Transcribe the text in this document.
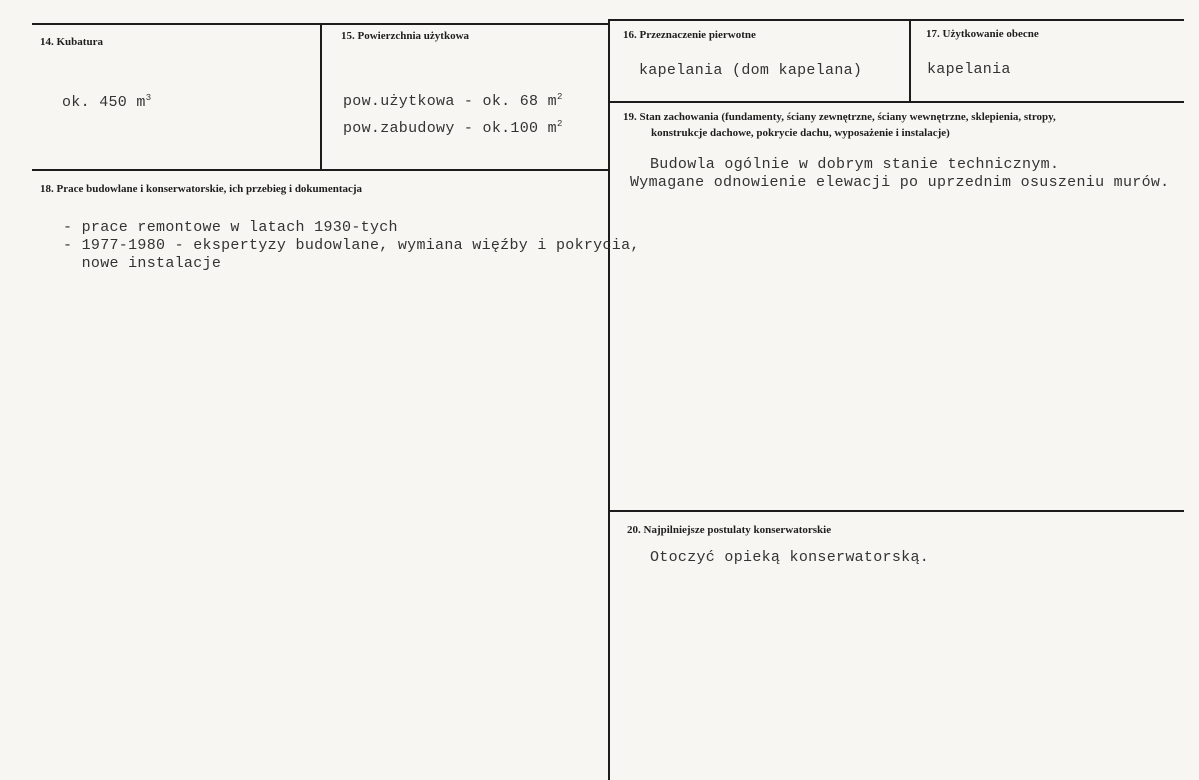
14. Kubatura
ok. 450 $m^3$
15. Powierzchnia użytkowa
pow.użytkowa - ok. 68 $m^2$
pow.zabudowy - ok.100 $m^2$
16. Przeznaczenie pierwotne
kapelania (dom kapelana)
17. Użytkowanie obecne
kapelania
18. Prace budowlane i konserwatorskie, ich przebieg i dokumentacja
- prace remontowe w latach 1930-tych
- 1977-1980 - ekspertyzy budowlane, wymiana więźby i pokrycia,
nowe instalacje
19. Stan zachowania (fundamenty, ściany zewnętrzne, ściany wewnętrzne, sklepienia, stropy,
konstrukcje dachowe, pokrycie dachu, wyposażenie i instalacje)
Budowla ogólnie w dobrym stanie technicznym.
Wymagane odnowienie elewacji po uprzednim osuszeniu murów.
20. Najpilniejsze postulaty konserwatorskie
Otoczyć opieką konserwatorską.
